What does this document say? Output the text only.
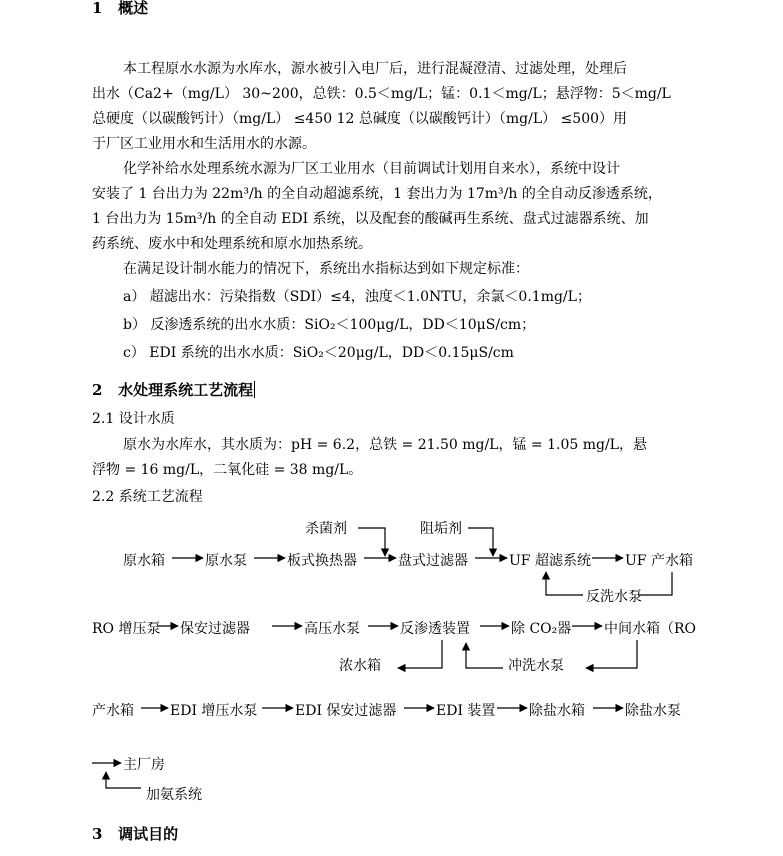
1 概述
本工程原水水源为水库水，源水被引入电厂后，进行混凝澄清、过滤处理，处理后
出水（Ca2+（mg/L） 30~200，总铁：0.5＜mg/L；锰：0.1＜mg/L；悬浮物：5＜mg/L
总硬度（以碳酸钙计）（mg/L） ≤450 12 总碱度（以碳酸钙计）（mg/L） ≤500）用
于厂区工业用水和生活用水的水源。
化学补给水处理系统水源为厂区工业用水（目前调试计划用自来水），系统中设计
安装了 1 台出力为 22m³/h 的全自动超滤系统，1 套出力为 17m³/h 的全自动反渗透系统，
1 台出力为 15m³/h 的全自动 EDI 系统，以及配套的酸碱再生系统、盘式过滤器系统、加
药系统、废水中和处理系统和原水加热系统。
在满足设计制水能力的情况下，系统出水指标达到如下规定标准：
a） 超滤出水：污染指数（SDI）≤4，浊度＜1.0NTU，余氯＜0.1mg/L；
b） 反渗透系统的出水水质：SiO₂＜100μg/L，DD＜10μS/cm；
c） EDI 系统的出水水质：SiO₂＜20μg/L，DD＜0.15μS/cm
2 水处理系统工艺流程
2.1 设计水质
原水为水库水，其水质为：pH = 6.2，总铁 = 21.50 mg/L，锰 = 1.05 mg/L，悬
浮物 = 16 mg/L，二氧化硅 = 38 mg/L。
2.2 系统工艺流程
杀菌剂	阻垢剂
原水箱	原水泵	板式换热器	盘式过滤器	UF 超滤系统 UF 产水箱
反洗水泵
RO 增压泵 保安过滤器	高压水泵	反渗透装置	除 CO₂器 中间水箱（RO
浓水箱	冲洗水泵
产水箱	EDI 增压水泵	EDI 保安过滤器	EDI 装置 除盐水箱	除盐水泵
主厂房
加氨系统
3 调试目的
